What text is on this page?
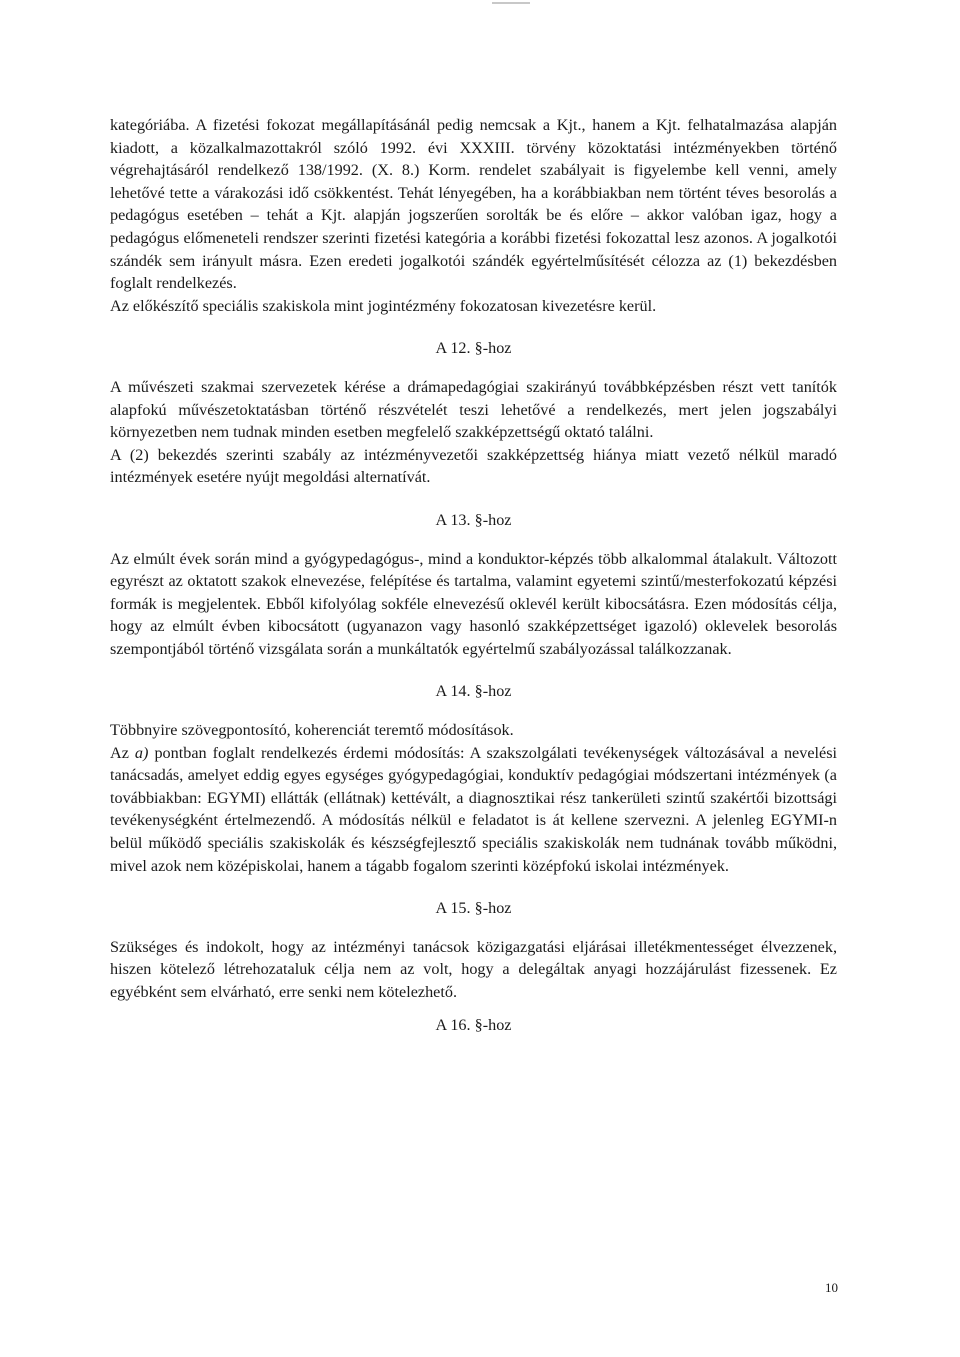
kategóriába. A fizetési fokozat megállapításánál pedig nemcsak a Kjt., hanem a Kjt. felhatalmazása alapján kiadott, a közalkalmazottakról szóló 1992. évi XXXIII. törvény közoktatási intézményekben történő végrehajtásáról rendelkező 138/1992. (X. 8.) Korm. rendelet szabályait is figyelembe kell venni, amely lehetővé tette a várakozási idő csökkentést. Tehát lényegében, ha a korábbiakban nem történt téves besorolás a pedagógus esetében – tehát a Kjt. alapján jogszerűen sorolták be és előre – akkor valóban igaz, hogy a pedagógus előmeneteli rendszer szerinti fizetési kategória a korábbi fizetési fokozattal lesz azonos. A jogalkotói szándék sem irányult másra. Ezen eredeti jogalkotói szándék egyértelműsítését célozza az (1) bekezdésben foglalt rendelkezés.

Az előkészítő speciális szakiskola mint jogintézmény fokozatosan kivezetésre kerül.

A 12. §-hoz

A művészeti szakmai szervezetek kérése a drámapedagógiai szakirányú továbbképzésben részt vett tanítók alapfokú művészetoktatásban történő részvételét teszi lehetővé a rendelkezés, mert jelen jogszabályi környezetben nem tudnak minden esetben megfelelő szakképzettségű oktató találni.

A (2) bekezdés szerinti szabály az intézményvezetői szakképzettség hiánya miatt vezető nélkül maradó intézmények esetére nyújt megoldási alternatívát.

A 13. §-hoz

Az elmúlt évek során mind a gyógypedagógus-, mind a konduktor-képzés több alkalommal átalakult. Változott egyrészt az oktatott szakok elnevezése, felépítése és tartalma, valamint egyetemi szintű/mesterfokozatú képzési formák is megjelentek. Ebből kifolyólag sokféle elnevezésű oklevél került kibocsátásra. Ezen módosítás célja, hogy az elmúlt évben kibocsátott (ugyanazon vagy hasonló szakképzettséget igazoló) oklevelek besorolás szempontjából történő vizsgálata során a munkáltatók egyértelmű szabályozással találkozzanak.

A 14. §-hoz

Többnyire szövegpontosító, koherenciát teremtő módosítások.

Az a) pontban foglalt rendelkezés érdemi módosítás: A szakszolgálati tevékenységek változásával a nevelési tanácsadás, amelyet eddig egyes egységes gyógypedagógiai, konduktív pedagógiai módszertani intézmények (a továbbiakban: EGYMI) ellátták (ellátnak) kettévált, a diagnosztikai rész tankerületi szintű szakértői bizottsági tevékenységként értelmezendő. A módosítás nélkül e feladatot is át kellene szervezni. A jelenleg EGYMI-n belül működő speciális szakiskolák és készségfejlesztő speciális szakiskolák nem tudnának tovább működni, mivel azok nem középiskolai, hanem a tágabb fogalom szerinti középfokú iskolai intézmények.

A 15. §-hoz

Szükséges és indokolt, hogy az intézményi tanácsok közigazgatási eljárásai illetékmentességet élvezzenek, hiszen kötelező létrehozataluk célja nem az volt, hogy a delegáltak anyagi hozzájárulást fizessenek. Ez egyébként sem elvárható, erre senki nem kötelezhető.

A 16. §-hoz

10
